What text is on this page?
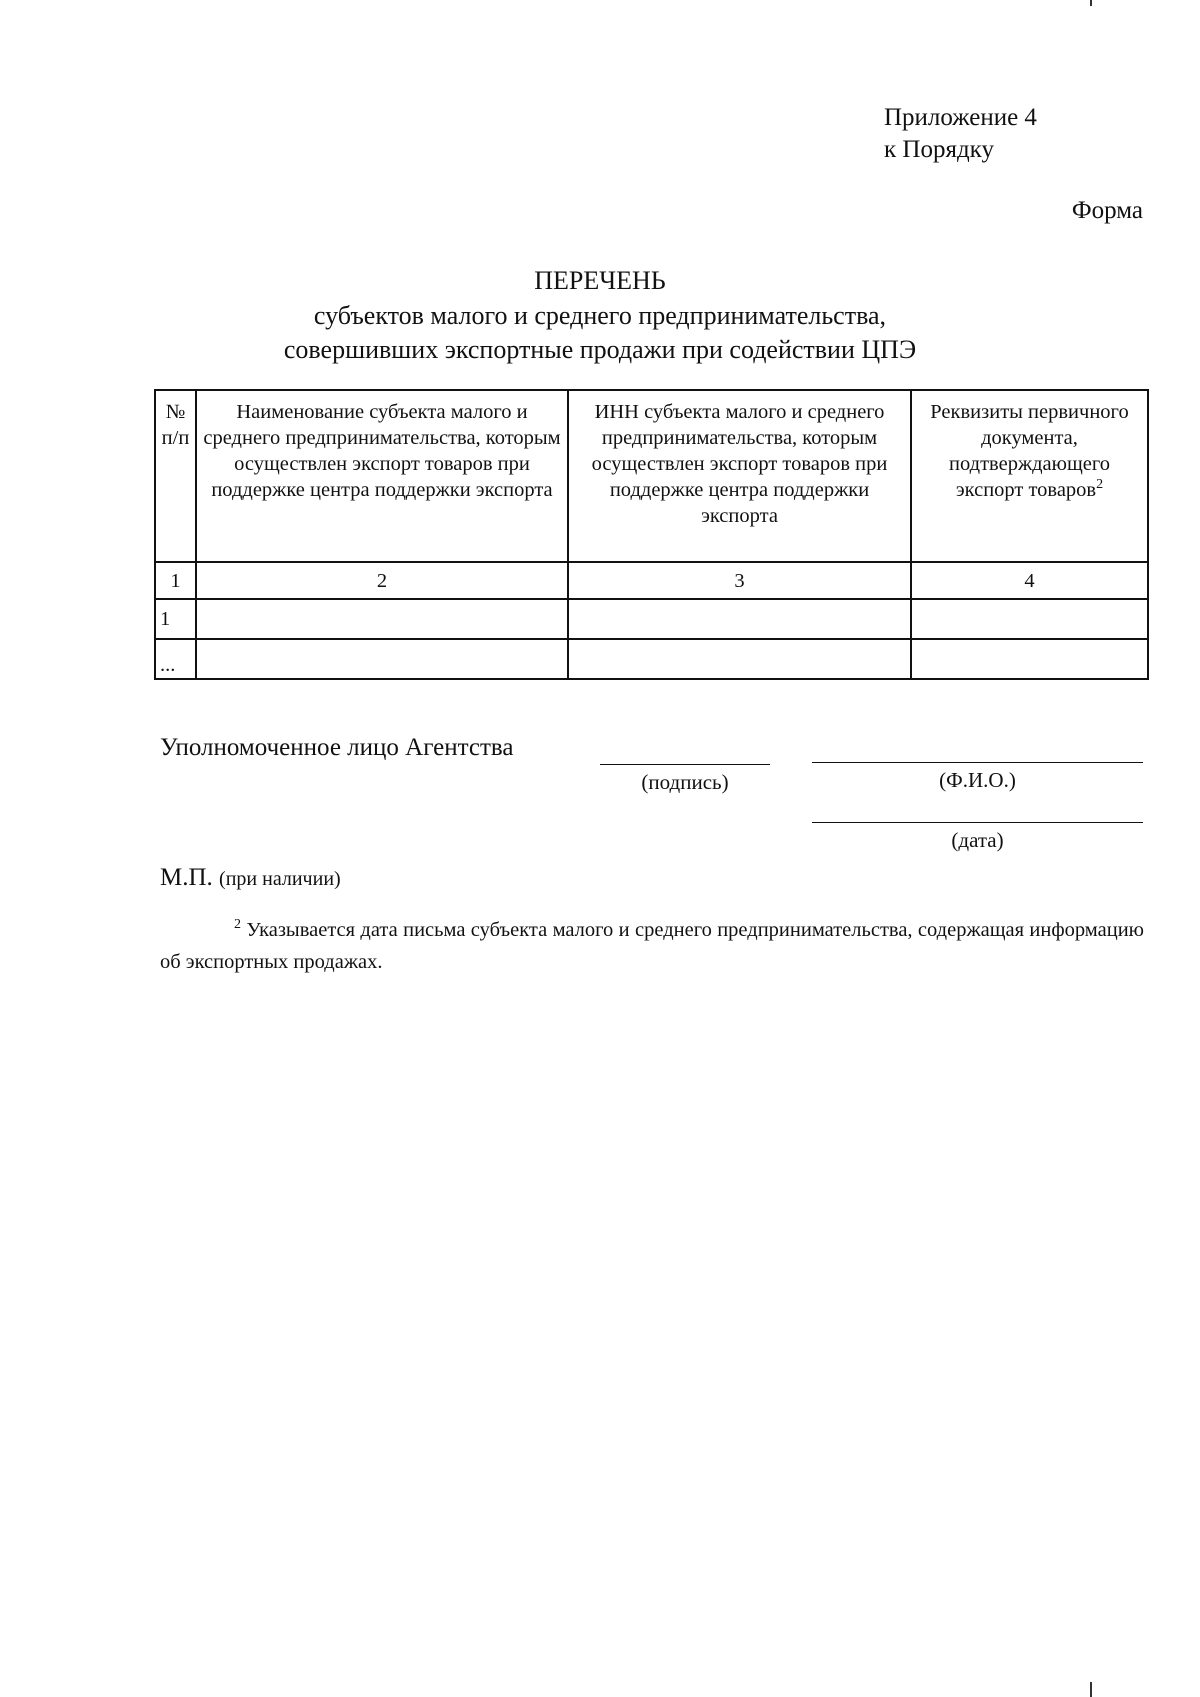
Приложение 4
к Порядку
Форма
ПЕРЕЧЕНЬ
субъектов малого и среднего предпринимательства,
совершивших экспортные продажи при содействии ЦПЭ
№ п/п	Наименование субъекта малого и среднего предпринимательства, которым осуществлен экспорт товаров при поддержке центра поддержки экспорта	ИНН субъекта малого и среднего предпринимательства, которым осуществлен экспорт товаров при поддержке центра поддержки экспорта	Реквизиты первичного документа, подтверждающего экспорт товаров$^2$

1	2	3	4
1			
...			
Уполномоченное лицо Агентства
(подпись)	(Ф.И.О.)
(дата)
М.П. (при наличии)
$^2$ Указывается дата письма субъекта малого и среднего предпринимательства, содержащая информацию об экспортных продажах.
